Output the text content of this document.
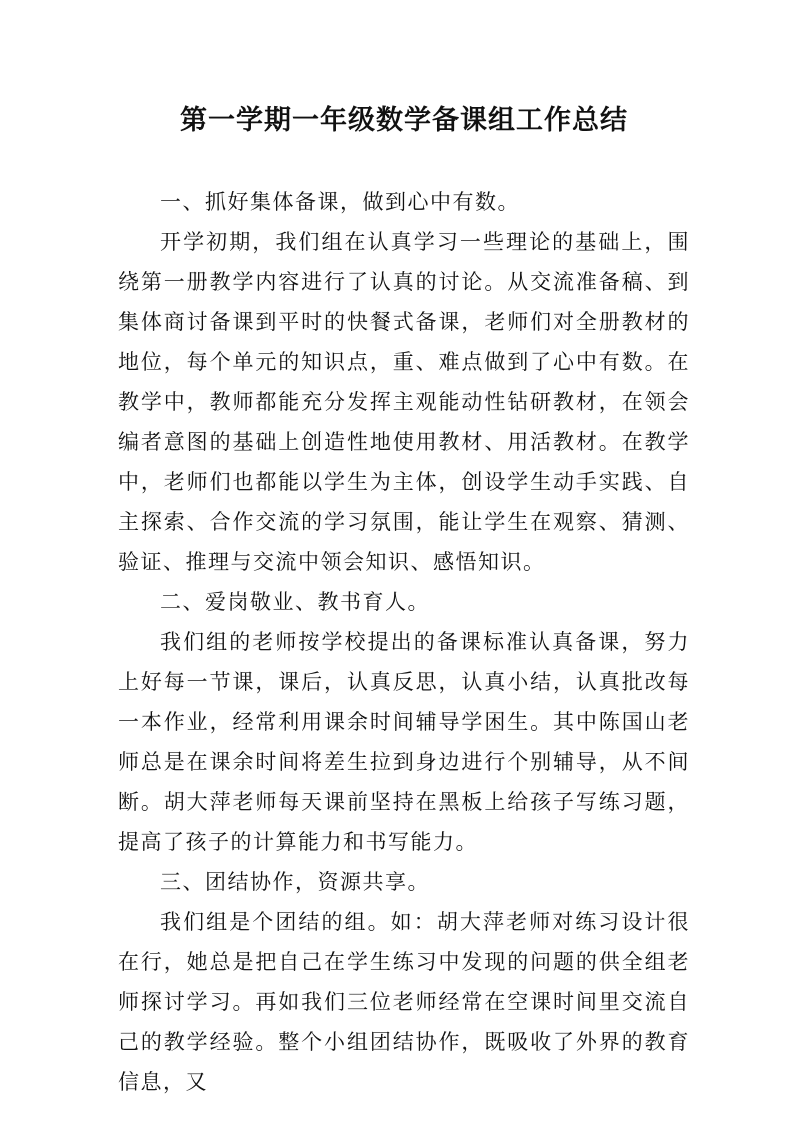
第一学期一年级数学备课组工作总结

一、抓好集体备课，做到心中有数。

开学初期，我们组在认真学习一些理论的基础上，围绕第一册教学内容进行了认真的讨论。从交流准备稿、到集体商讨备课到平时的快餐式备课，老师们对全册教材的地位，每个单元的知识点，重、难点做到了心中有数。在教学中，教师都能充分发挥主观能动性钻研教材，在领会编者意图的基础上创造性地使用教材、用活教材。在教学中，老师们也都能以学生为主体，创设学生动手实践、自主探索、合作交流的学习氛围，能让学生在观察、猜测、验证、推理与交流中领会知识、感悟知识。

二、爱岗敬业、教书育人。

我们组的老师按学校提出的备课标准认真备课，努力上好每一节课，课后，认真反思，认真小结，认真批改每一本作业，经常利用课余时间辅导学困生。其中陈国山老师总是在课余时间将差生拉到身边进行个别辅导，从不间断。胡大萍老师每天课前坚持在黑板上给孩子写练习题，提高了孩子的计算能力和书写能力。

三、团结协作，资源共享。

我们组是个团结的组。如：胡大萍老师对练习设计很在行，她总是把自己在学生练习中发现的问题的供全组老师探讨学习。再如我们三位老师经常在空课时间里交流自己的教学经验。整个小组团结协作，既吸收了外界的教育信息，又
